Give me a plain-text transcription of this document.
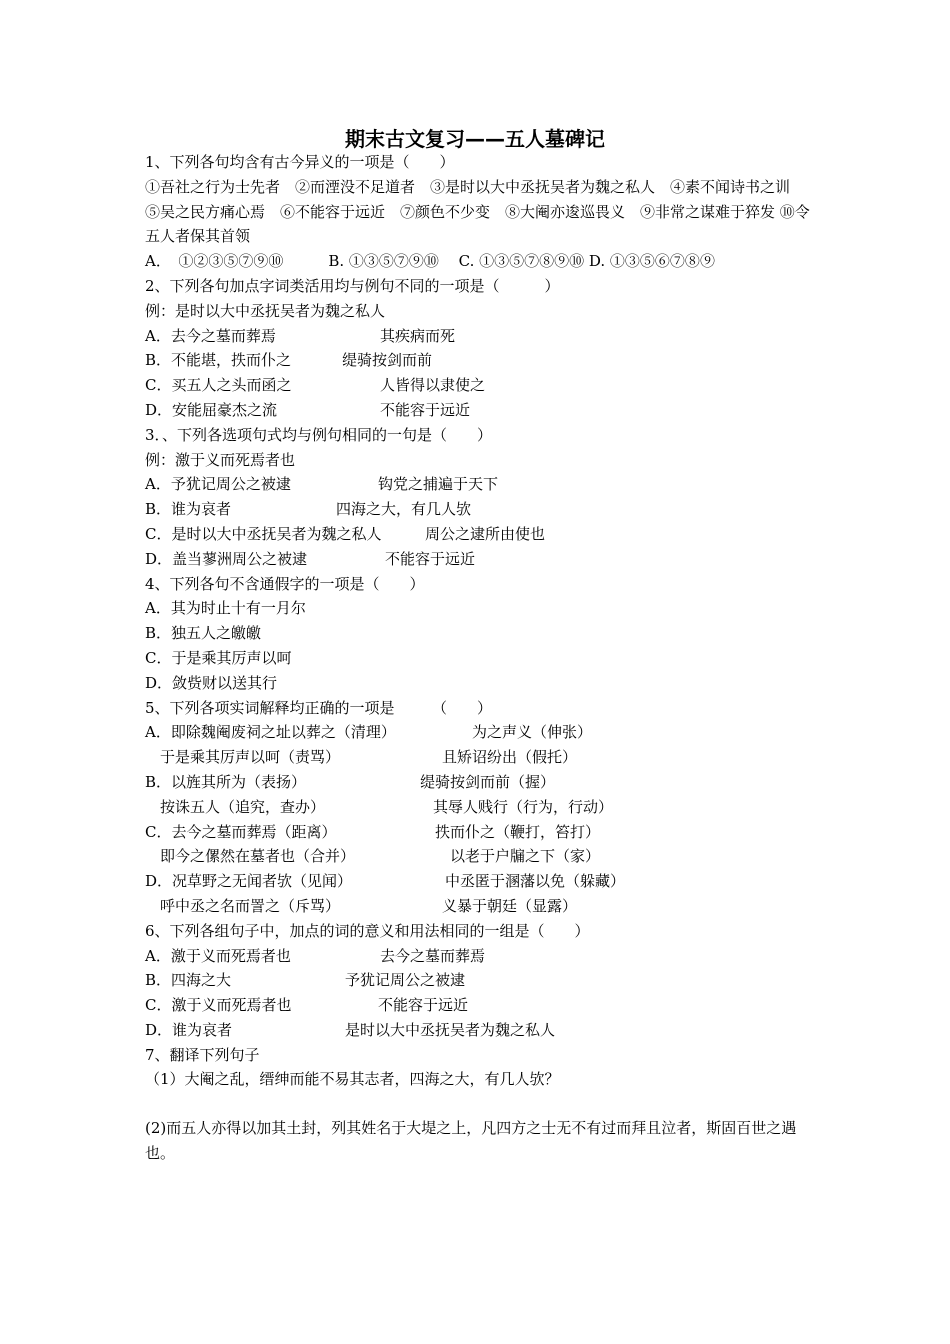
期末古文复习——五人墓碑记
1、下列各句均含有古今异义的一项是（　　）
①吾社之行为士先者　②而湮没不足道者　③是时以大中丞抚吴者为魏之私人　④素不闻诗书之训　⑤吴之民方痛心焉　⑥不能容于远近　⑦颜色不少变　⑧大阉亦逡巡畏义　⑨非常之谋难于猝发 ⑩令五人者保其首领
A．　①②③⑤⑦⑨⑩　　　B. ①③⑤⑦⑨⑩　 C. ①③⑤⑦⑧⑨⑩ D. ①③⑤⑥⑦⑧⑨
2、下列各句加点字词类活用均与例句不同的一项是（　　　）
例：是时以大中丞抚吴者为魏之私人
A．去今之墓而葬焉	其疾病而死
B．不能堪，抶而仆之	缇骑按剑而前
C．买五人之头而函之	人皆得以隶使之
D．安能屈豪杰之流	不能容于远近
3．、下列各选项句式均与例句相同的一句是（　　）
例：激于义而死焉者也
A．予犹记周公之被逮	钩党之捕遍于天下
B．谁为哀者	四海之大，有几人欤
C．是时以大中丞抚吴者为魏之私人	周公之逮所由使也
D．盖当蓼洲周公之被逮	不能容于远近
4、下列各句不含通假字的一项是（　　）
A．其为时止十有一月尔
B．独五人之皦皦
C．于是乘其厉声以呵
D．敛赀财以送其行
5、下列各项实词解释均正确的一项是　　　（　　）
A．即除魏阉废祠之址以葬之（清理）	为之声义（伸张）
　于是乘其厉声以呵（责骂）	且矫诏纷出（假托）
B．以旌其所为（表扬）	缇骑按剑而前（握）
　按诛五人（追究，查办）	其辱人贱行（行为，行动）
C．去今之墓而葬焉（距离）	抶而仆之（鞭打，笞打）
　即今之傫然在墓者也（合并）	以老于户牖之下（家）
D．况草野之无闻者欤（见闻）	中丞匿于溷藩以免（躲藏）
　呼中丞之名而詈之（斥骂）	义暴于朝廷（显露）
6、下列各组句子中，加点的词的意义和用法相同的一组是（　　）
A．激于义而死焉者也	去今之墓而葬焉
B．四海之大	予犹记周公之被逮
C．激于义而死焉者也	不能容于远近
D．谁为哀者	是时以大中丞抚吴者为魏之私人
7、翻译下列句子
（1）大阉之乱，缙绅而能不易其志者，四海之大，有几人欤？
(2)而五人亦得以加其土封，列其姓名于大堤之上，凡四方之士无不有过而拜且泣者，斯固百世之遇也。
